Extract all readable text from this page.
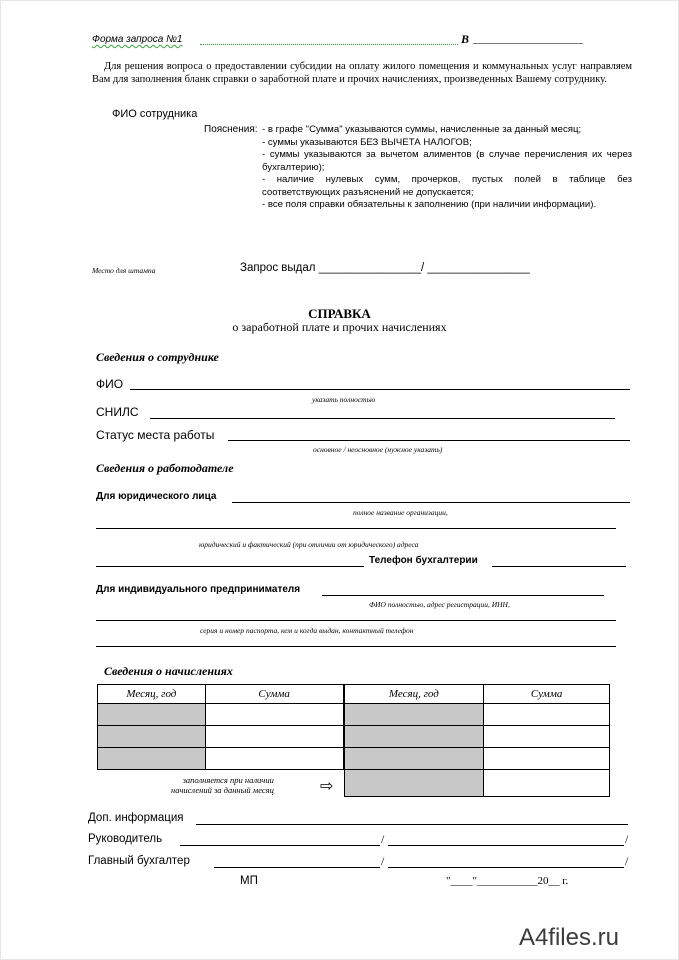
Форма запроса №1	В ____________________
Для решения вопроса о предоставлении субсидии на оплату жилого помещения и коммунальных услуг направляем Вам для заполнения бланк справки о заработной плате и прочих начислениях, произведенных Вашему сотруднику.
ФИО сотрудника
Пояснения: - в графе "Сумма" указываются суммы, начисленные за данный месяц;
- суммы указываются БЕЗ ВЫЧЕТА НАЛОГОВ;
- суммы указываются за вычетом алиментов (в случае перечисления их через бухгалтерию);
- наличие нулевых сумм, прочерков, пустых полей в таблице без соответствующих разъяснений не допускается;
- все поля справки обязательны к заполнению (при наличии информации).
Место для штампа	Запрос выдал ________________/ ________________
СПРАВКА
о заработной плате и прочих начислениях
Сведения о сотруднике
ФИО
указать полностью
СНИЛС
Статус места работы
основное / неосновное (нужное указать)
Сведения о работодателе
Для юридического лица
полное название организации,
юридический и фактический (при отличии от юридического) адреса
Телефон бухгалтерии
Для индивидуального предпринимателя
ФИО полностью, адрес регистрации, ИНН,
серия и номер паспорта, кем и когда выдан, контактный телефон
Сведения о начислениях
Месяц, год	Сумма		Месяц, год	Сумма

заполняется при наличии
начислений за данный месяц	⇨
Доп. информация
Руководитель	/	/
Главный бухгалтер	/	/
МП	"____"___________20__ г.
A4files.ru
